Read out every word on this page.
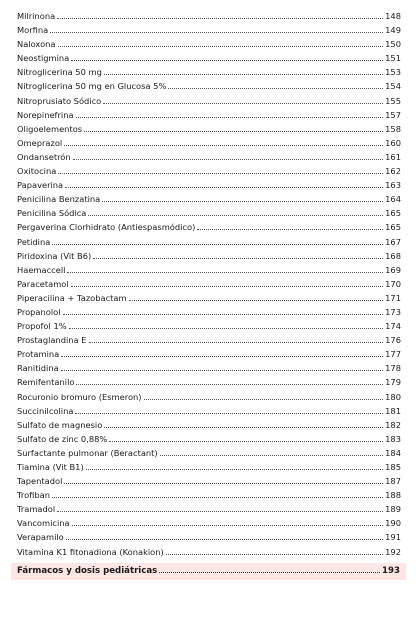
Milrinona	148
Morfina	149
Naloxona	150
Neostigmina	151
Nitroglicerina 50 mg	153
Nitroglicerina 50 mg en Glucosa 5%	154
Nitroprusiato Sódico	155
Norepinefrina	157
Oligoelementos	158
Omeprazol	160
Ondansetrón	161
Oxitocina	162
Papaverina	163
Penicilina Benzatina	164
Penicilina Sódica	165
Pergaverina Clorhidrato (Antiespasmódico)	165
Petidina	167
Piridoxina (Vit B6)	168
Haemaccell	169
Paracetamol	170
Piperacilina + Tazobactam	171
Propanolol	173
Propofol 1%	174
Prostaglandina E	176
Protamina	177
Ranitidina	178
Remifentanilo	179
Rocuronio bromuro (Esmeron)	180
Succinilcolina	181
Sulfato de magnesio	182
Sulfato de zinc 0,88%	183
Surfactante pulmonar (Beractant)	184
Tiamina (Vit B1)	185
Tapentadol	187
Trofiban	188
Tramadol	189
Vancomicina	190
Verapamilo	191
Vitamina K1 fitonadiona (Konakion)	192
Fármacos y dosis pediátricas	193
